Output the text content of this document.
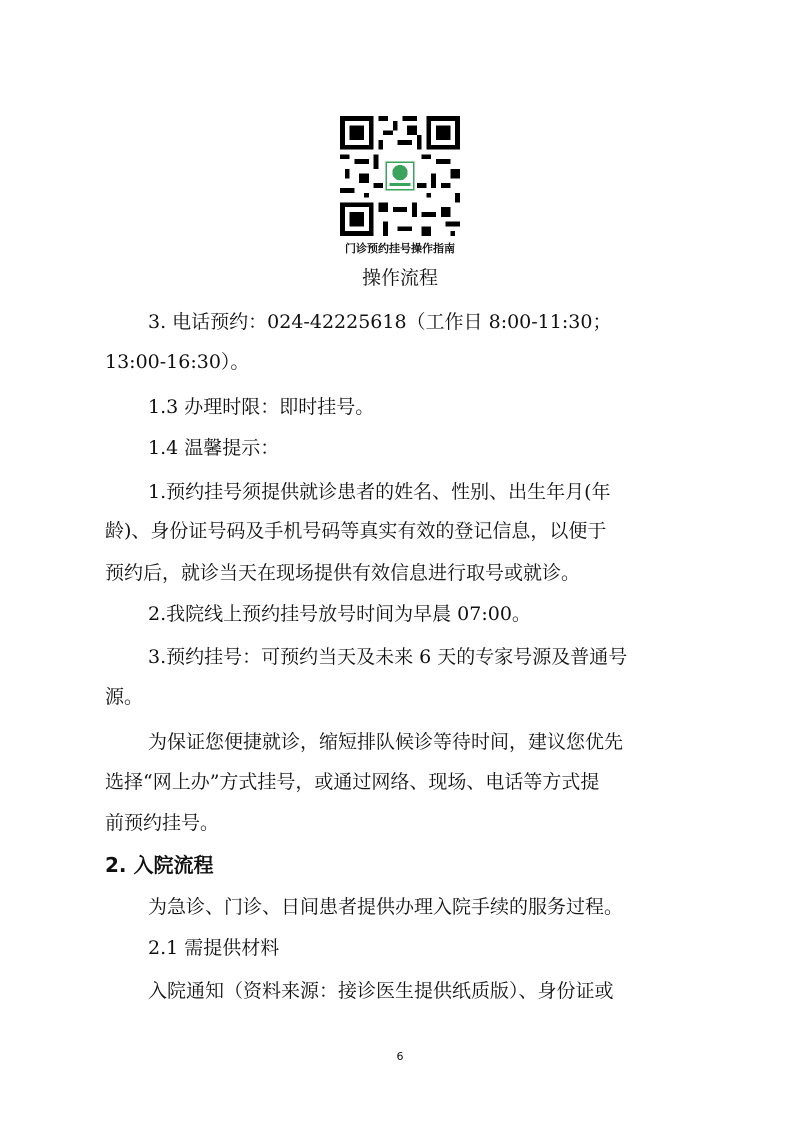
门诊预约挂号操作指南
操作流程
3. 电话预约：024-42225618（工作日 8:00-11:30；
13:00-16:30）。
1.3 办理时限：即时挂号。
1.4 温馨提示：
1.预约挂号须提供就诊患者的姓名、性别、出生年月(年
龄)、身份证号码及手机号码等真实有效的登记信息，以便于
预约后，就诊当天在现场提供有效信息进行取号或就诊。
2.我院线上预约挂号放号时间为早晨 07:00。
3.预约挂号：可预约当天及未来 6 天的专家号源及普通号
源。
为保证您便捷就诊，缩短排队候诊等待时间，建议您优先
选择“网上办”方式挂号，或通过网络、现场、电话等方式提
前预约挂号。
2. 入院流程
为急诊、门诊、日间患者提供办理入院手续的服务过程。
2.1 需提供材料
入院通知（资料来源：接诊医生提供纸质版）、身份证或
6
